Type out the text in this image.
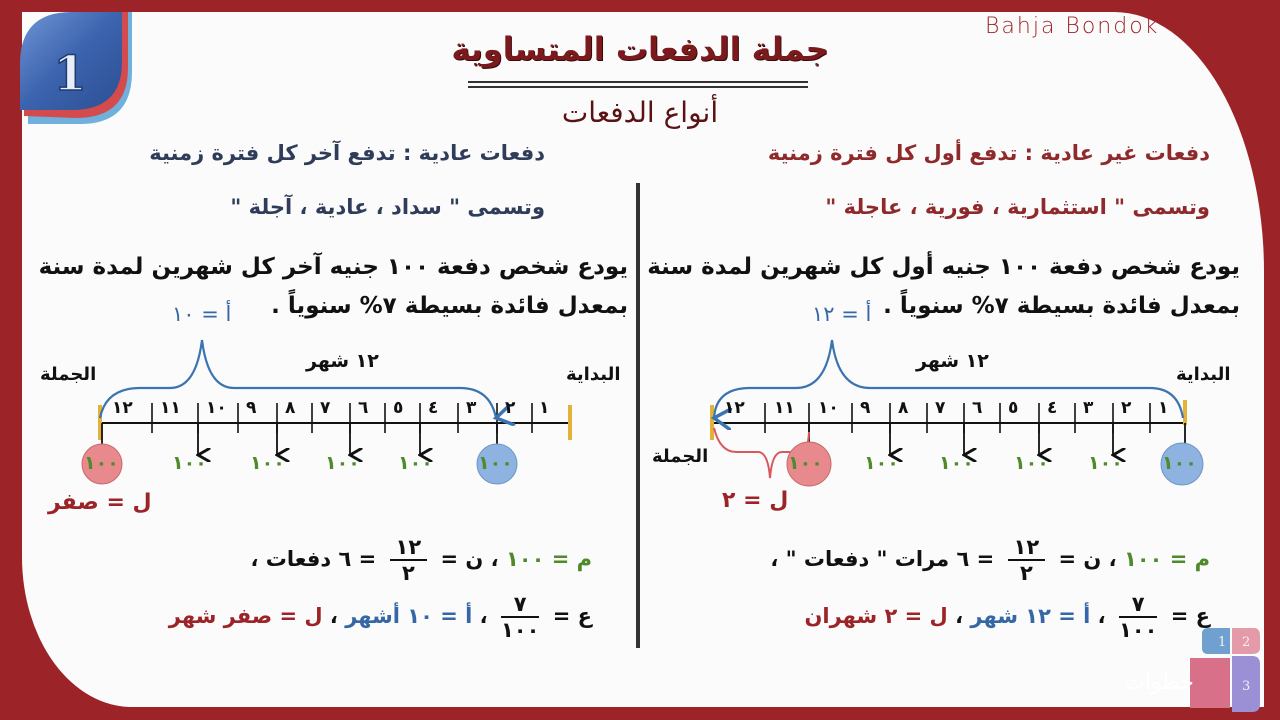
1
Bahja Bondok
جملة الدفعات المتساوية
أنواع الدفعات
دفعات غير عادية : تدفع أول كل فترة زمنية
وتسمى " استثمارية ، فورية ، عاجلة "
يودع شخص دفعة ١٠٠ جنيه أول كل شهرين لمدة سنة
بمعدل فائدة بسيطة ٧% سنوياً .
أ = ١٢
البداية
الجملة
١٢ شهر
ل = ٢
دفعات عادية : تدفع آخر كل فترة زمنية
وتسمى " سداد ، عادية ، آجلة "
يودع شخص دفعة ١٠٠ جنيه آخر كل شهرين لمدة سنة
بمعدل فائدة بسيطة ٧% سنوياً .
أ = ١٠
البداية
الجملة
١٢ شهر
ل = صفر
١
٢
٣
٤
٥
٦
٧
٨
٩
١٠
١١
١٢	١
٢
٣
٤
٥
٦
٧
٨
٩
١٠
١١
١٢
١٠٠	١٠٠ ١٠٠ ١٠٠ ١٠٠ ١٠٠	١٠٠ ١٠٠ ١٠٠ ١٠٠ ١٠٠ ١٠٠
م = ١٠٠ ، ن =
$\frac{١٢}{٢}$
= ٦ مرات " دفعات " ،
ع =
$\frac{٧}{١٠٠}$
، أ = ١٢ شهر ، ل = ٢ شهران
م = ١٠٠ ، ن =
$\frac{١٢}{٢}$
= ٦ دفعات ،
ع =
$\frac{٧}{١٠٠}$
، أ = ١٠ أشهر ، ل = صفر شهر
1 2
3
خطوات
